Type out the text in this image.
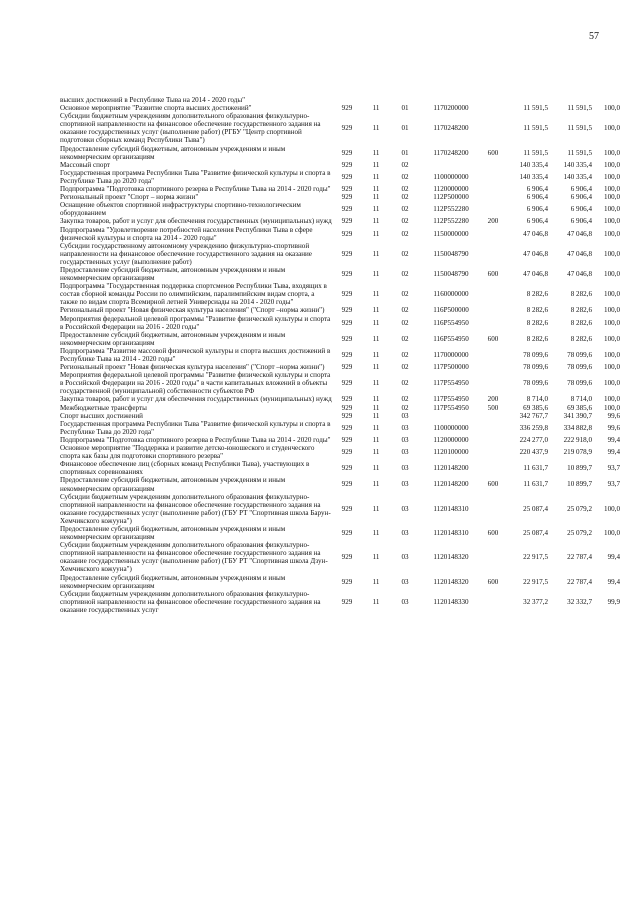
57
высших достижений в Республике Тыва на 2014 - 2020 годы"								
Основное мероприятие "Развитие спорта высших достижений"	929	11	01	1170200000		11 591,5	11 591,5	100,0
Субсидии бюджетным учреждениям дополнительного образования физкультурно-спортивной направленности на финансовое обеспечение государственного задания на оказание государственных услуг (выполнение работ) (РГБУ "Центр спортивной подготовки сборных команд Республики Тыва")	929	11	01	1170248200		11 591,5	11 591,5	100,0
Предоставление субсидий бюджетным, автономным учреждениям и иным некоммерческим организациям	929	11	01	1170248200	600	11 591,5	11 591,5	100,0
Массовый спорт	929	11	02			140 335,4	140 335,4	100,0
Государственная программа Республики Тыва "Развитие физической культуры и спорта в Республике Тыва до 2020 года"	929	11	02	1100000000		140 335,4	140 335,4	100,0
Подпрограмма "Подготовка спортивного резерва в Республике Тыва на 2014 - 2020 годы"	929	11	02	1120000000		6 906,4	6 906,4	100,0
Региональный проект "Спорт – норма жизни"	929	11	02	112P500000		6 906,4	6 906,4	100,0
Оснащение объектов спортивной инфраструктуры спортивно-технологическим оборудованием	929	11	02	112P552280		6 906,4	6 906,4	100,0
Закупка товаров, работ и услуг для обеспечения государственных (муниципальных) нужд	929	11	02	112P552280	200	6 906,4	6 906,4	100,0
Подпрограмма "Удовлетворение потребностей населения Республики Тыва в сфере физической культуры и спорта на 2014 - 2020 годы"	929	11	02	1150000000		47 046,8	47 046,8	100,0
Субсидии государственному автономному учреждению физкультурно-спортивной направленности на финансовое обеспечение государственного задания на оказание государственных услуг (выполнение работ)	929	11	02	1150048790		47 046,8	47 046,8	100,0
Предоставление субсидий бюджетным, автономным учреждениям и иным некоммерческим организациям	929	11	02	1150048790	600	47 046,8	47 046,8	100,0
Подпрограмма "Государственная поддержка спортсменов Республики Тыва, входящих в состав сборной команды России по олимпийским, паралимпийским видам спорта, а также по видам спорта Всемирной летней Универсиады на 2014 - 2020 годы"	929	11	02	1160000000		8 282,6	8 282,6	100,0
Региональный проект "Новая физическая культура населения" ("Спорт –норма жизни")	929	11	02	116P500000		8 282,6	8 282,6	100,0
Мероприятия федеральной целевой программы "Развитие физической культуры и спорта в Российской Федерации на 2016 - 2020 годы"	929	11	02	116P554950		8 282,6	8 282,6	100,0
Предоставление субсидий бюджетным, автономным учреждениям и иным некоммерческим организациям	929	11	02	116P554950	600	8 282,6	8 282,6	100,0
Подпрограмма "Развитие массовой физической культуры и спорта высших достижений в Республике Тыва на 2014 - 2020 годы"	929	11	02	1170000000		78 099,6	78 099,6	100,0
Региональный проект "Новая физическая культура населения" ("Спорт –норма жизни")	929	11	02	117P500000		78 099,6	78 099,6	100,0
Мероприятия федеральной целевой программы "Развитие физической культуры и спорта в Российской Федерации на 2016 - 2020 годы" в части капитальных вложений в объекты государственной (муниципальной) собственности субъектов РФ	929	11	02	117P554950		78 099,6	78 099,6	100,0
Закупка товаров, работ и услуг для обеспечения государственных (муниципальных) нужд	929	11	02	117P554950	200	8 714,0	8 714,0	100,0
Межбюджетные трансферты	929	11	02	117P554950	500	69 385,6	69 385,6	100,0
Спорт высших достижений	929	11	03			342 767,7	341 390,7	99,6
Государственная программа Республики Тыва "Развитие физической культуры и спорта в Республике Тыва до 2020 года"	929	11	03	1100000000		336 259,8	334 882,8	99,6
Подпрограмма "Подготовка спортивного резерва в Республике Тыва на 2014 - 2020 годы"	929	11	03	1120000000		224 277,0	222 918,0	99,4
Основное мероприятие "Поддержка и развитие детско-юношеского и студенческого спорта как базы для подготовки спортивного резерва"	929	11	03	1120100000		220 437,9	219 078,9	99,4
Финансовое обеспечение лиц (сборных команд Республики Тыва), участвующих в спортивных соревнованиях	929	11	03	1120148200		11 631,7	10 899,7	93,7
Предоставление субсидий бюджетным, автономным учреждениям и иным некоммерческим организациям	929	11	03	1120148200	600	11 631,7	10 899,7	93,7
Субсидии бюджетным учреждениям дополнительного образования физкультурно-спортивной направленности на финансовое обеспечение государственного задания на оказание государственных услуг (выполнение работ) (ГБУ РТ "Спортивная школа Барун-Хемчикского кожууна")	929	11	03	1120148310		25 087,4	25 079,2	100,0
Предоставление субсидий бюджетным, автономным учреждениям и иным некоммерческим организациям	929	11	03	1120148310	600	25 087,4	25 079,2	100,0
Субсидии бюджетным учреждениям дополнительного образования физкультурно-спортивной направленности на финансовое обеспечение государственного задания на оказание государственных услуг (выполнение работ) (ГБУ РТ "Спортивная школа Дзун-Хемчикского кожууна")	929	11	03	1120148320		22 917,5	22 787,4	99,4
Предоставление субсидий бюджетным, автономным учреждениям и иным некоммерческим организациям	929	11	03	1120148320	600	22 917,5	22 787,4	99,4
Субсидии бюджетным учреждениям дополнительного образования физкультурно-спортивной направленности на финансовое обеспечение государственного задания на оказание государственных услуг	929	11	03	1120148330		32 377,2	32 332,7	99,9
